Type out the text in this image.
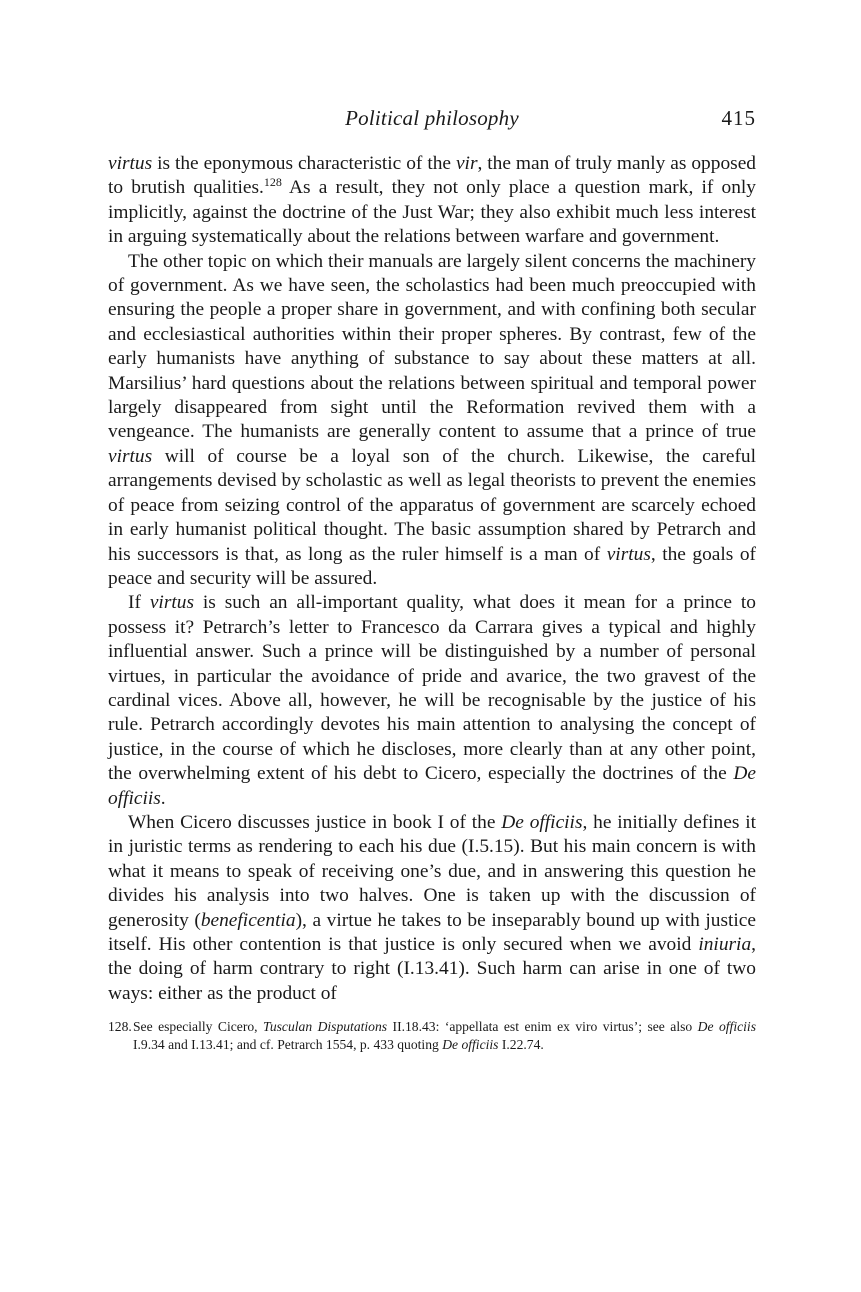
Political philosophy	415

virtus is the eponymous characteristic of the vir, the man of truly manly as opposed to brutish qualities.$^{128}$ As a result, they not only place a question mark, if only implicitly, against the doctrine of the Just War; they also exhibit much less interest in arguing systematically about the relations between warfare and government.

The other topic on which their manuals are largely silent concerns the machinery of government. As we have seen, the scholastics had been much preoccupied with ensuring the people a proper share in government, and with confining both secular and ecclesiastical authorities within their proper spheres. By contrast, few of the early humanists have anything of substance to say about these matters at all. Marsilius’ hard questions about the relations between spiritual and temporal power largely disappeared from sight until the Reformation revived them with a vengeance. The humanists are generally content to assume that a prince of true virtus will of course be a loyal son of the church. Likewise, the careful arrangements devised by scholastic as well as legal theorists to prevent the enemies of peace from seizing control of the apparatus of government are scarcely echoed in early humanist political thought. The basic assumption shared by Petrarch and his successors is that, as long as the ruler himself is a man of virtus, the goals of peace and security will be assured.

If virtus is such an all-important quality, what does it mean for a prince to possess it? Petrarch’s letter to Francesco da Carrara gives a typical and highly influential answer. Such a prince will be distinguished by a number of personal virtues, in particular the avoidance of pride and avarice, the two gravest of the cardinal vices. Above all, however, he will be recognisable by the justice of his rule. Petrarch accordingly devotes his main attention to analysing the concept of justice, in the course of which he discloses, more clearly than at any other point, the overwhelming extent of his debt to Cicero, especially the doctrines of the De officiis.

When Cicero discusses justice in book I of the De officiis, he initially defines it in juristic terms as rendering to each his due (I.5.15). But his main concern is with what it means to speak of receiving one’s due, and in answering this question he divides his analysis into two halves. One is taken up with the discussion of generosity (beneficentia), a virtue he takes to be inseparably bound up with justice itself. His other contention is that justice is only secured when we avoid iniuria, the doing of harm contrary to right (I.13.41). Such harm can arise in one of two ways: either as the product of

128. See especially Cicero, Tusculan Disputations II.18.43: ‘appellata est enim ex viro virtus’; see also De officiis I.9.34 and I.13.41; and cf. Petrarch 1554, p. 433 quoting De officiis I.22.74.
